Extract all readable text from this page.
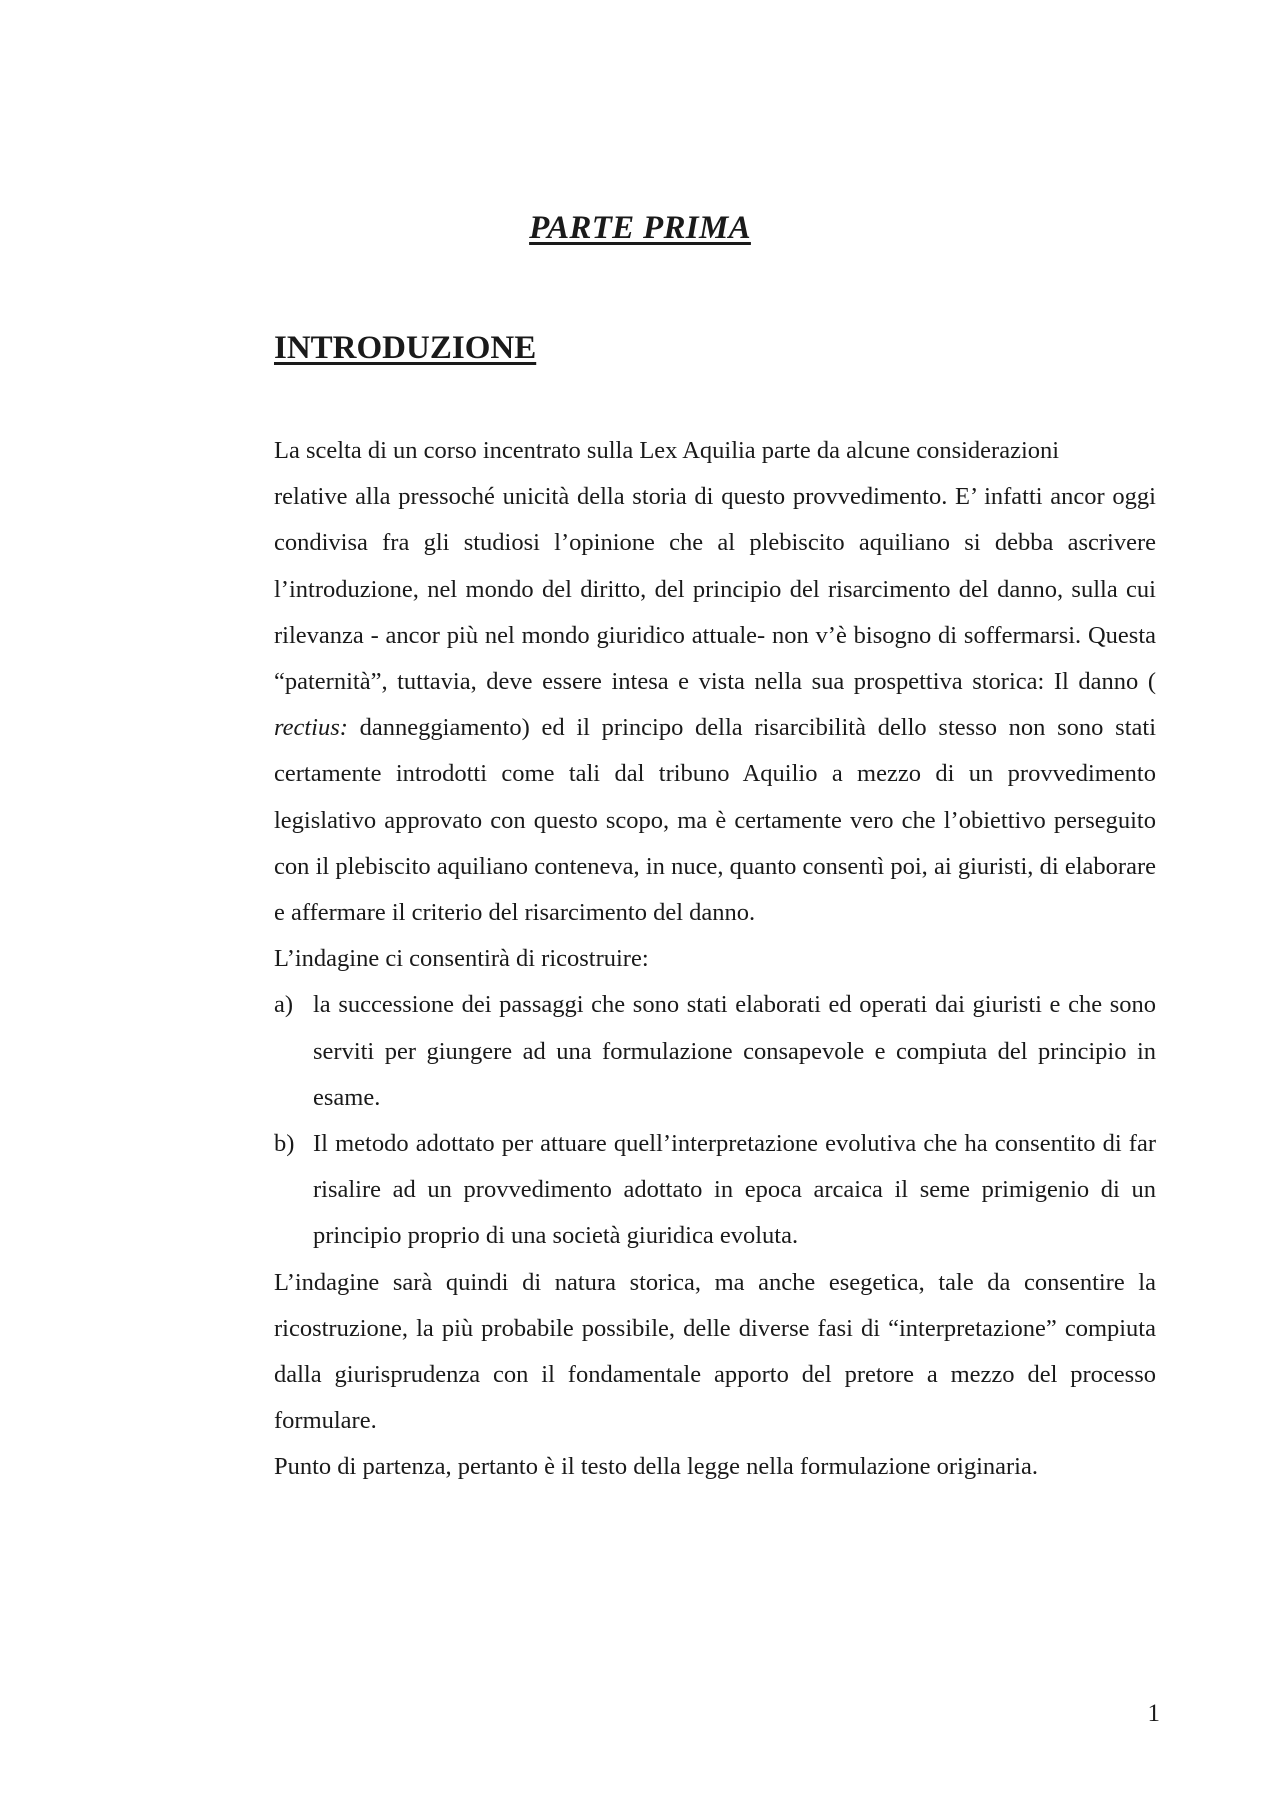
PARTE PRIMA
INTRODUZIONE

La scelta di un corso incentrato sulla Lex Aquilia parte da alcune considerazioni
relative alla pressoché unicità della storia di questo provvedimento. E’ infatti ancor oggi condivisa fra gli studiosi l’opinione che al plebiscito aquiliano si debba ascrivere l’introduzione, nel mondo del diritto, del principio del risarcimento del danno, sulla cui rilevanza - ancor più nel mondo giuridico attuale- non v’è bisogno di soffermarsi. Questa “paternità”, tuttavia, deve essere intesa e vista nella sua prospettiva storica: Il danno ( rectius: danneggiamento) ed il principo della risarcibilità dello stesso non sono stati certamente introdotti come tali dal tribuno Aquilio a mezzo di un provvedimento legislativo approvato con questo scopo, ma è certamente vero che l’obiettivo perseguito con il plebiscito aquiliano conteneva, in nuce, quanto consentì poi, ai giuristi, di elaborare e affermare il criterio del risarcimento del danno.

L’indagine ci consentirà di ricostruire:

a) la successione dei passaggi che sono stati elaborati ed operati dai giuristi e che sono serviti per giungere ad una formulazione consapevole e compiuta del principio in esame.
b) Il metodo adottato per attuare quell’interpretazione evolutiva che ha consentito di far risalire ad un provvedimento adottato in epoca arcaica il seme primigenio di un principio proprio di una società giuridica evoluta.

L’indagine sarà quindi di natura storica, ma anche esegetica, tale da consentire la ricostruzione, la più probabile possibile, delle diverse fasi di “interpretazione” compiuta dalla giurisprudenza con il fondamentale apporto del pretore a mezzo del processo formulare.

Punto di partenza, pertanto è il testo della legge nella formulazione originaria.

1
